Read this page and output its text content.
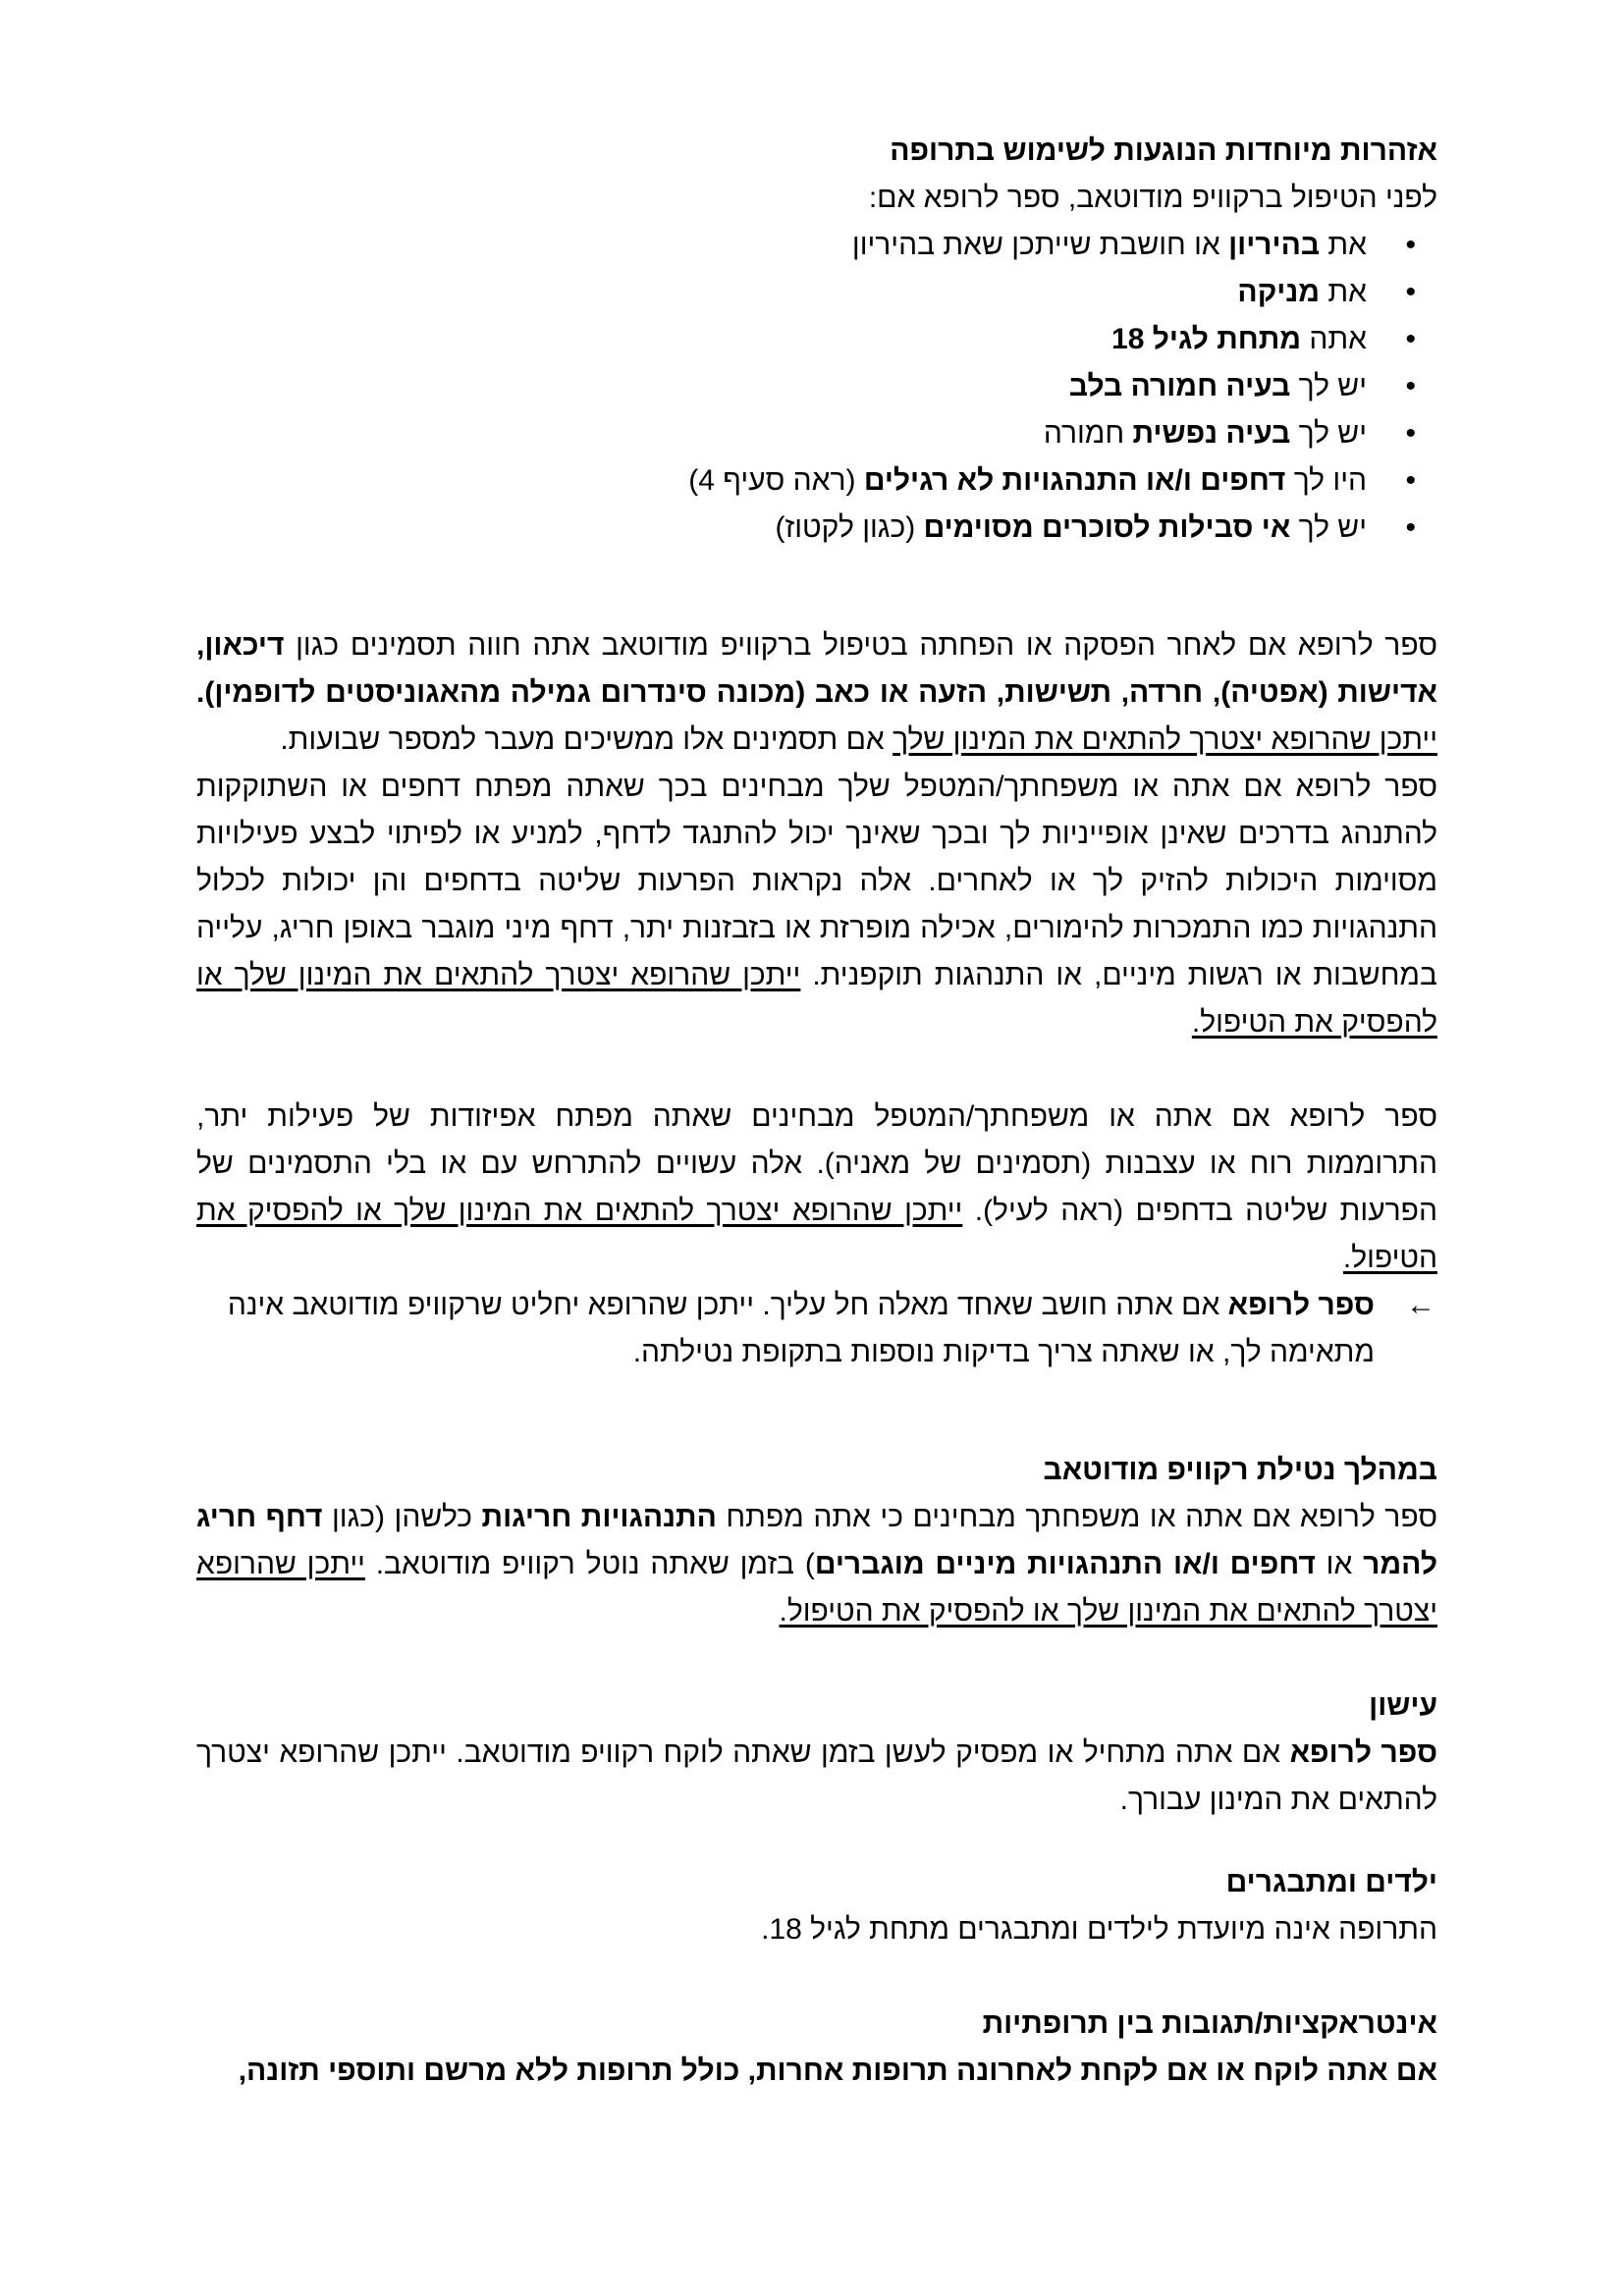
אזהרות מיוחדות הנוגעות לשימוש בתרופה

לפני הטיפול ברקוויפ מודוטאב, ספר לרופא אם:

• את בהיריון או חושבת שייתכן שאת בהיריון
• את מניקה
• אתה מתחת לגיל 18
• יש לך בעיה חמורה בלב
• יש לך בעיה נפשית חמורה
• היו לך דחפים ו/או התנהגויות לא רגילים (ראה סעיף 4)
• יש לך אי סבילות לסוכרים מסוימים (כגון לקטוז)

ספר לרופא אם לאחר הפסקה או הפחתה בטיפול ברקוויפ מודוטאב אתה חווה תסמינים כגון דיכאון, אדישות (אפטיה), חרדה, תשישות, הזעה או כאב (מכונה סינדרום גמילה מהאגוניסטים לדופמין). ייתכן שהרופא יצטרך להתאים את המינון שלך אם תסמינים אלו ממשיכים מעבר למספר שבועות.

ספר לרופא אם אתה או משפחתך/המטפל שלך מבחינים בכך שאתה מפתח דחפים או השתוקקות להתנהג בדרכים שאינן אופייניות לך ובכך שאינך יכול להתנגד לדחף, למניע או לפיתוי לבצע פעילויות מסוימות היכולות להזיק לך או לאחרים. אלה נקראות הפרעות שליטה בדחפים והן יכולות לכלול התנהגויות כמו התמכרות להימורים, אכילה מופרזת או בזבזנות יתר, דחף מיני מוגבר באופן חריג, עלייה במחשבות או רגשות מיניים, או התנהגות תוקפנית. ייתכן שהרופא יצטרך להתאים את המינון שלך או להפסיק את הטיפול.

ספר לרופא אם אתה או משפחתך/המטפל מבחינים שאתה מפתח אפיזודות של פעילות יתר, התרוממות רוח או עצבנות (תסמינים של מאניה). אלה עשויים להתרחש עם או בלי התסמינים של הפרעות שליטה בדחפים (ראה לעיל). ייתכן שהרופא יצטרך להתאים את המינון שלך או להפסיק את הטיפול.

←
ספר לרופא אם אתה חושב שאחד מאלה חל עליך. ייתכן שהרופא יחליט שרקוויפ מודוטאב אינה מתאימה לך, או שאתה צריך בדיקות נוספות בתקופת נטילתה.

במהלך נטילת רקוויפ מודוטאב

ספר לרופא אם אתה או משפחתך מבחינים כי אתה מפתח התנהגויות חריגות כלשהן (כגון דחף חריג להמר או דחפים ו/או התנהגויות מיניים מוגברים) בזמן שאתה נוטל רקוויפ מודוטאב. ייתכן שהרופא יצטרך להתאים את המינון שלך או להפסיק את הטיפול.

עישון

ספר לרופא אם אתה מתחיל או מפסיק לעשן בזמן שאתה לוקח רקוויפ מודוטאב. ייתכן שהרופא יצטרך להתאים את המינון עבורך.

ילדים ומתבגרים

התרופה אינה מיועדת לילדים ומתבגרים מתחת לגיל 18.

אינטראקציות/תגובות בין תרופתיות

אם אתה לוקח או אם לקחת לאחרונה תרופות אחרות, כולל תרופות ללא מרשם ותוספי תזונה,
